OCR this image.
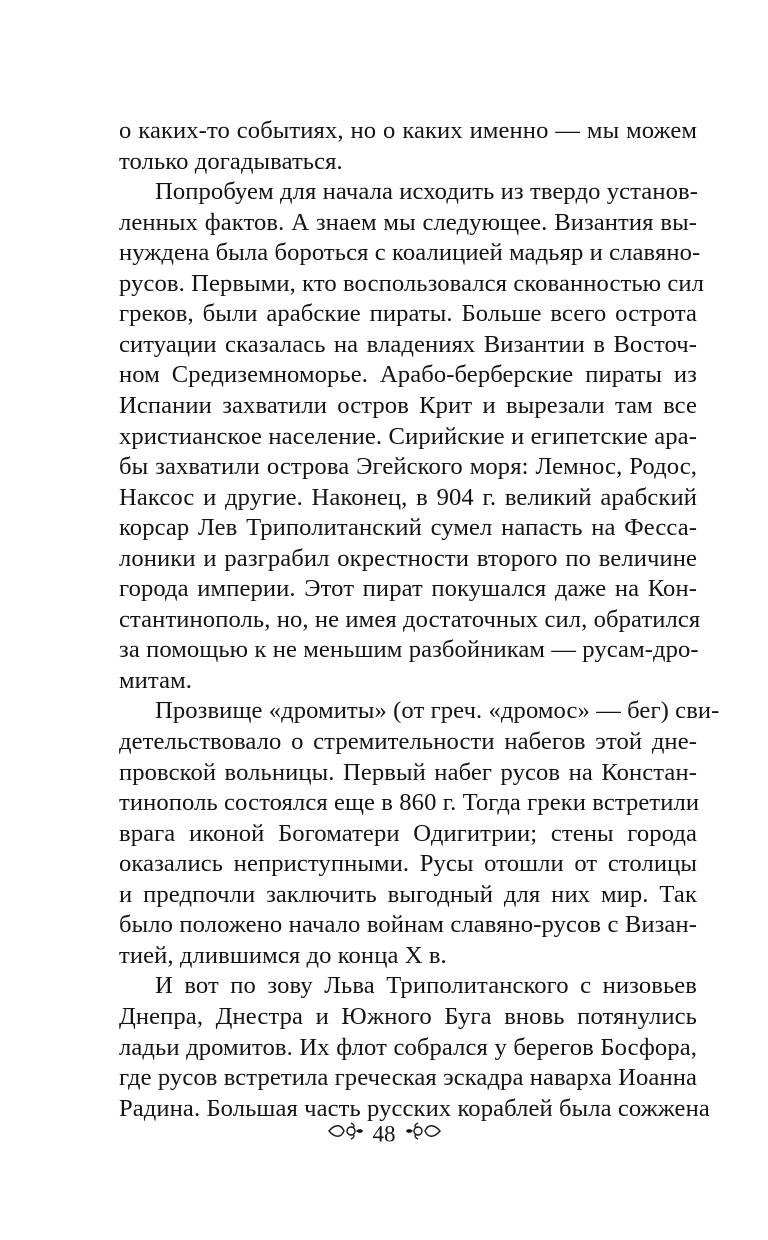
о каких-то событиях, но о каких именно — мы можем
только догадываться.
Попробуем для начала исходить из твердо установ-
ленных фактов. А знаем мы следующее. Византия вы-
нуждена была бороться с коалицией мадьяр и славяно-
русов. Первыми, кто воспользовался скованностью сил
греков, были арабские пираты. Больше всего острота
ситуации сказалась на владениях Византии в Восточ-
ном Средиземноморье. Арабо-берберские пираты из
Испании захватили остров Крит и вырезали там все
христианское население. Сирийские и египетские ара-
бы захватили острова Эгейского моря: Лемнос, Родос,
Наксос и другие. Наконец, в 904 г. великий арабский
корсар Лев Триполитанский сумел напасть на Фесса-
лоники и разграбил окрестности второго по величине
города империи. Этот пират покушался даже на Кон-
стантинополь, но, не имея достаточных сил, обратился
за помощью к не меньшим разбойникам — русам-дро-
митам.
Прозвище «дромиты» (от греч. «дромос» — бег) сви-
детельствовало о стремительности набегов этой дне-
провской вольницы. Первый набег русов на Констан-
тинополь состоялся еще в 860 г. Тогда греки встретили
врага иконой Богоматери Одигитрии; стены города
оказались неприступными. Русы отошли от столицы
и предпочли заключить выгодный для них мир. Так
было положено начало войнам славяно-русов с Визан-
тией, длившимся до конца X в.
И вот по зову Льва Триполитанского с низовьев
Днепра, Днестра и Южного Буга вновь потянулись
ладьи дромитов. Их флот собрался у берегов Босфора,
где русов встретила греческая эскадра наварха Иоанна
Радина. Большая часть русских кораблей была сожжена
48
